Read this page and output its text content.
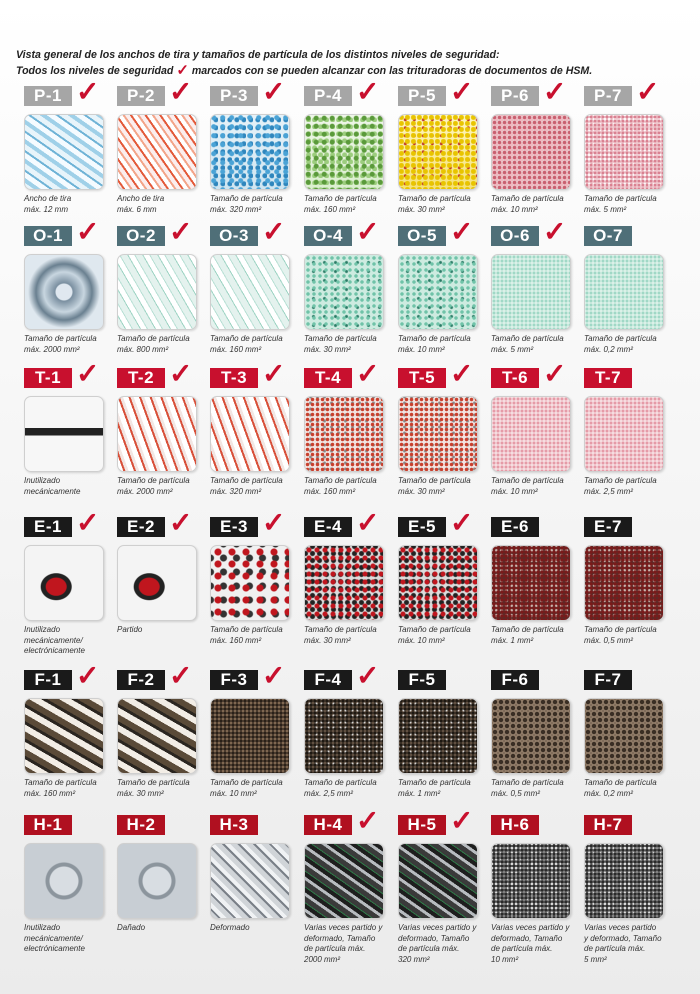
Vista general de los anchos de tira y tamaños de partícula de los distintos niveles de seguridad:
Todos los niveles de seguridad ✓ marcados con se pueden alcanzar con las trituradoras de documentos de HSM.
P-1 ✓
Ancho de tira
máx. 12 mm
P-2 ✓
Ancho de tira
máx. 6 mm
P-3 ✓
Tamaño de partícula
máx. 320 mm²
P-4 ✓
Tamaño de partícula
máx. 160 mm²
P-5 ✓
Tamaño de partícula
máx. 30 mm²
P-6 ✓
Tamaño de partícula
máx. 10 mm²
P-7 ✓
Tamaño de partícula
máx. 5 mm²
O-1 ✓
Tamaño de partícula
máx. 2000 mm²
O-2 ✓
Tamaño de partícula
máx. 800 mm²
O-3 ✓
Tamaño de partícula
máx. 160 mm²
O-4 ✓
Tamaño de partícula
máx. 30 mm²
O-5 ✓
Tamaño de partícula
máx. 10 mm²
O-6 ✓
Tamaño de partícula
máx. 5 mm²
O-7
Tamaño de partícula
máx. 0,2 mm²
T-1 ✓
Inutilizado
mecánicamente
T-2 ✓
Tamaño de partícula
máx. 2000 mm²
T-3 ✓
Tamaño de partícula
máx. 320 mm²
T-4 ✓
Tamaño de partícula
máx. 160 mm²
T-5 ✓
Tamaño de partícula
máx. 30 mm²
T-6 ✓
Tamaño de partícula
máx. 10 mm²
T-7
Tamaño de partícula
máx. 2,5 mm²
E-1 ✓
Inutilizado
mecánicamente/
electrónicamente
E-2 ✓
Partido
E-3 ✓
Tamaño de partícula
máx. 160 mm²
E-4 ✓
Tamaño de partícula
máx. 30 mm²
E-5 ✓
Tamaño de partícula
máx. 10 mm²
E-6
Tamaño de partícula
máx. 1 mm²
E-7
Tamaño de partícula
máx. 0,5 mm²
F-1 ✓
Tamaño de partícula
máx. 160 mm²
F-2 ✓
Tamaño de partícula
máx. 30 mm²
F-3 ✓
Tamaño de partícula
máx. 10 mm²
F-4 ✓
Tamaño de partícula
máx. 2,5 mm²
F-5
Tamaño de partícula
máx. 1 mm²
F-6
Tamaño de partícula
máx. 0,5 mm²
F-7
Tamaño de partícula
máx. 0,2 mm²
H-1
Inutilizado
mecánicamente/
electrónicamente
H-2
Dañado
H-3
Deformado
H-4 ✓
Varias veces partido y
deformado, Tamaño
de partícula máx.
2000 mm²
H-5 ✓
Varias veces partido y
deformado, Tamaño
de partícula máx.
320 mm²
H-6
Varias veces partido y
deformado, Tamaño
de partícula máx.
10 mm²
H-7
Varias veces partido
y deformado, Tamaño
de partícula máx.
5 mm²
